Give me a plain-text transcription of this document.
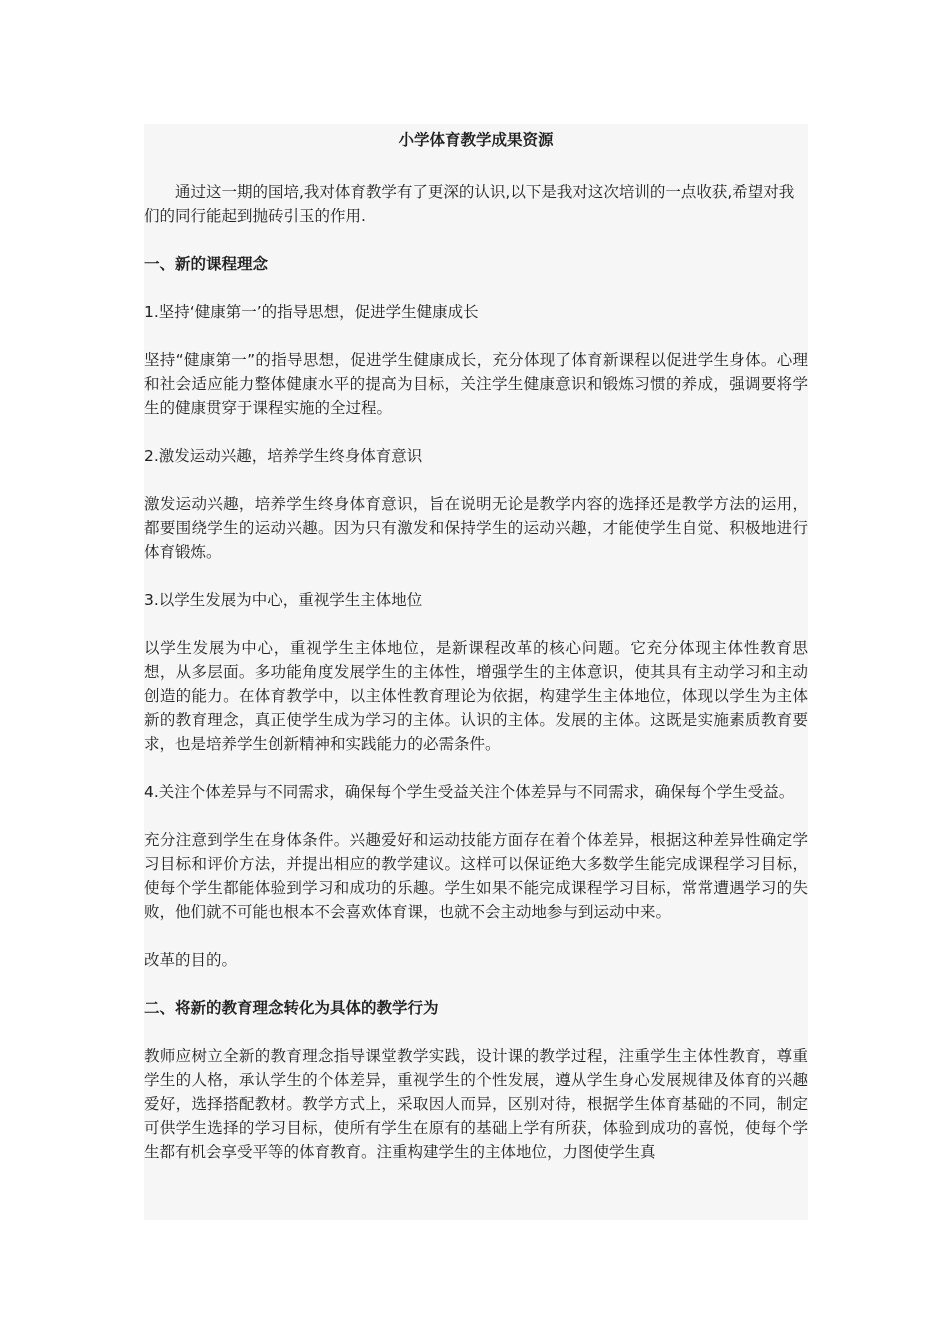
小学体育教学成果资源

通过这一期的国培,我对体育教学有了更深的认识,以下是我对这次培训的一点收获,希望对我们的同行能起到抛砖引玉的作用.

一、新的课程理念

1.坚持‘健康第一’的指导思想，促进学生健康成长

坚持“健康第一”的指导思想，促进学生健康成长，充分体现了体育新课程以促进学生身体。心理和社会适应能力整体健康水平的提高为目标，关注学生健康意识和锻炼习惯的养成，强调要将学生的健康贯穿于课程实施的全过程。

2.激发运动兴趣，培养学生终身体育意识

激发运动兴趣，培养学生终身体育意识，旨在说明无论是教学内容的选择还是教学方法的运用，都要围绕学生的运动兴趣。因为只有激发和保持学生的运动兴趣，才能使学生自觉、积极地进行体育锻炼。

3.以学生发展为中心，重视学生主体地位

以学生发展为中心，重视学生主体地位，是新课程改革的核心问题。它充分体现主体性教育思想，从多层面。多功能角度发展学生的主体性，增强学生的主体意识，使其具有主动学习和主动创造的能力。在体育教学中，以主体性教育理论为依据，构建学生主体地位，体现以学生为主体新的教育理念，真正使学生成为学习的主体。认识的主体。发展的主体。这既是实施素质教育要求，也是培养学生创新精神和实践能力的必需条件。

4.关注个体差异与不同需求，确保每个学生受益关注个体差异与不同需求，确保每个学生受益。

充分注意到学生在身体条件。兴趣爱好和运动技能方面存在着个体差异，根据这种差异性确定学习目标和评价方法，并提出相应的教学建议。这样可以保证绝大多数学生能完成课程学习目标，使每个学生都能体验到学习和成功的乐趣。学生如果不能完成课程学习目标，常常遭遇学习的失败，他们就不可能也根本不会喜欢体育课，也就不会主动地参与到运动中来。

改革的目的。

二、将新的教育理念转化为具体的教学行为

教师应树立全新的教育理念指导课堂教学实践，设计课的教学过程，注重学生主体性教育，尊重学生的人格，承认学生的个体差异，重视学生的个性发展，遵从学生身心发展规律及体育的兴趣爱好，选择搭配教材。教学方式上，采取因人而异，区别对待，根据学生体育基础的不同，制定可供学生选择的学习目标，使所有学生在原有的基础上学有所获，体验到成功的喜悦，使每个学生都有机会享受平等的体育教育。注重构建学生的主体地位，力图使学生真
